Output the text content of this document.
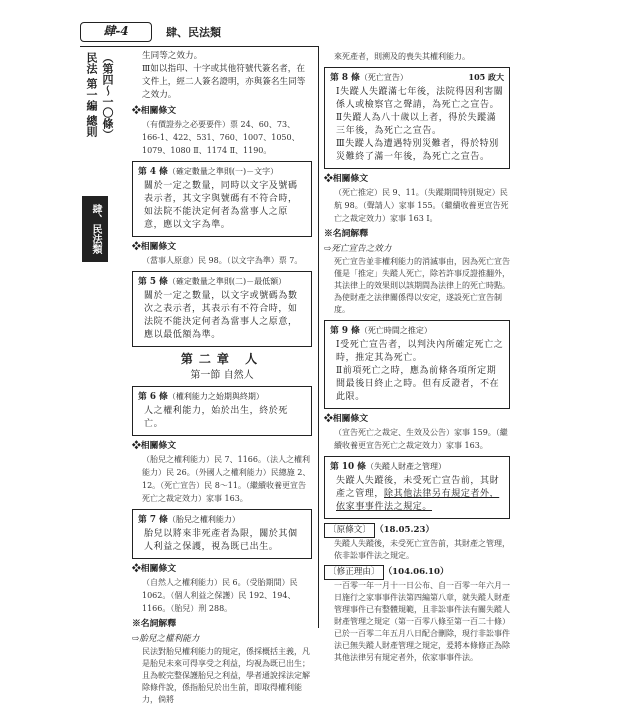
肆-4	肆、民法類
民法 第一編 總則 （第四～一〇條）
肆、民法類
生同等之效力。
Ⅲ如以指印、十字或其他符號代簽名者，在文件上，經二人簽名證明，亦與簽名生同等之效力。
❖相關條文
（有價證券之必要要件）票 24、60、73、166-1、422、531、760、1007、1050、1079、1080 Ⅱ、1174 Ⅱ、1190。
第 4 條（確定數量之準則(一)－文字）
關於一定之數量，同時以文字及號碼表示者，其文字與號碼有不符合時，如法院不能決定何者為當事人之原意，應以文字為準。
❖相關條文
（當事人原意）民 98。（以文字為準）票 7。
第 5 條（確定數量之準則(二)－最低額）
關於一定之數量，以文字或號碼為數次之表示者，其表示有不符合時，如法院不能決定何者為當事人之原意，應以最低額為準。
第二章 人
第一節 自然人
第 6 條（權利能力之始期與終期）
人之權利能力，始於出生，終於死亡。
❖相關條文
（胎兒之權利能力）民 7、1166。（法人之權利能力）民 26。（外國人之權利能力）民總施 2、12。（死亡宣告）民 8～11。（繼續收養更宣告死亡之裁定效力）家事 163。
第 7 條（胎兒之權利能力）
胎兒以將來非死產者為限，關於其個人利益之保護，視為既已出生。
❖相關條文
（自然人之權利能力）民 6。（受胎期間）民 1062。（個人利益之保護）民 192、194、1166。（胎兒）刑 288。
※名詞解釋
⇨胎兒之權利能力
民法對胎兒權利能力的規定，係採概括主義，凡是胎兒未來可得享受之利益，均視為既已出生；且為較完整保護胎兒之利益，學者通說採法定解除條件說，係指胎兒於出生前，即取得權利能力，倘將
來死產者，則溯及的喪失其權利能力。
105 政大
第 8 條（死亡宣告）
Ⅰ失蹤人失蹤滿七年後，法院得因利害關係人或檢察官之聲請，為死亡之宣告。
Ⅱ失蹤人為八十歲以上者，得於失蹤滿三年後，為死亡之宣告。
Ⅲ失蹤人為遭遇特別災難者，得於特別災難終了滿一年後，為死亡之宣告。
❖相關條文
（死亡推定）民 9、11。（失蹤期間特別規定）民航 98。（聲請人）家事 155。（繼續收養更宣告死亡之裁定效力）家事 163 Ⅰ。
※名詞解釋
⇨死亡宣告之效力
死亡宣告並非權利能力的消滅事由，因為死亡宣告僅是「推定」失蹤人死亡，除若許事反證推翻外，其法律上的效果則以該期間為法律上的死亡時點。為使財產之法律關係得以安定，遂設死亡宣告制度。
第 9 條（死亡時間之推定）
Ⅰ受死亡宣告者，以判決內所確定死亡之時，推定其為死亡。
Ⅱ前項死亡之時，應為前條各項所定期間最後日終止之時。但有反證者，不在此限。
❖相關條文
（宣告死亡之裁定、生效及公告）家事 159。（繼續收養更宣告死亡之裁定效力）家事 163。
第 10 條（失蹤人財產之管理）
失蹤人失蹤後，未受死亡宣告前，其財產之管理，除其他法律另有規定者外，依家事事件法之規定。
〔原條文〕 （18.05.23）
失蹤人失蹤後，未受死亡宣告前，其財產之管理，依非訟事件法之規定。
〔修正理由〕 （104.06.10）
一百零一年一月十一日公布、自一百零一年六月一日施行之家事事件法第四編第八章，就失蹤人財產管理事件已有整體規範，且非訟事件法有關失蹤人財產管理之規定（第一百零八條至第一百二十條）已於一百零二年五月八日配合刪除，現行非訟事件法已無失蹤人財產管理之規定，爰將本條修正為除其他法律另有規定者外，依家事事件法。
